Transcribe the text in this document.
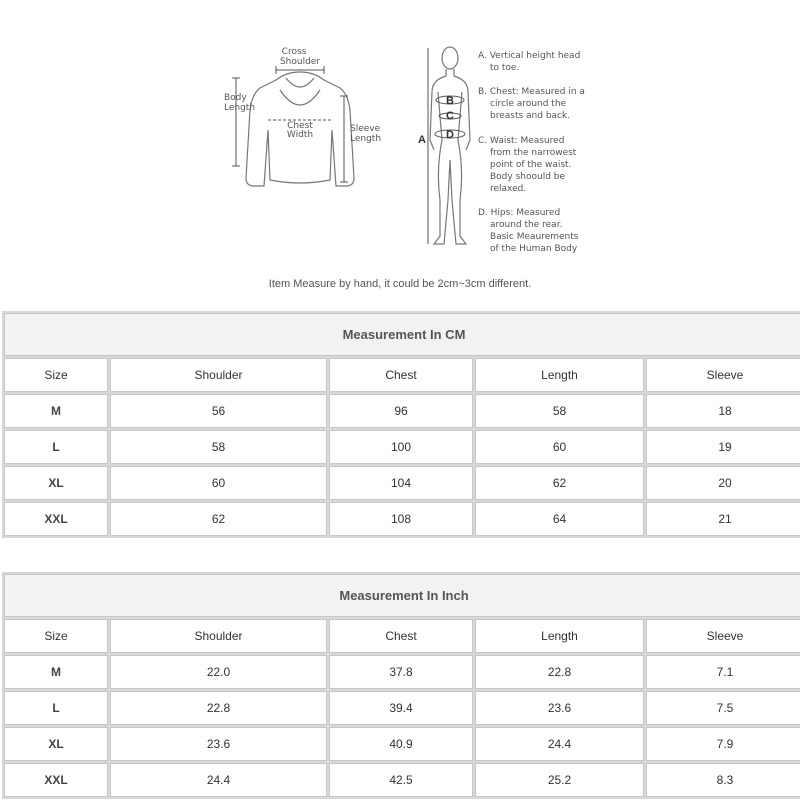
Cross
Shoulder
Body
Length
Chest
Width
Sleeve
Length	A
B
C
D
A. Vertical height head
to toe.
B. Chest: Measured in a
circle around the
breasts and back.
C. Waist: Measured
from the narrowest
point of the waist.
Body shoould be
relaxed.
D. Hips: Measured
around the rear.
Basic Meaurements
of the Human Body
Item Measure by hand, it could be 2cm~3cm different.
Measurement In CM				
Size	Shoulder	Chest	Length	Sleeve
M	56	96	58	18
L	58	100	60	19
XL	60	104	62	20
XXL	62	108	64	21
Measurement In Inch				
Size	Shoulder	Chest	Length	Sleeve
M	22.0	37.8	22.8	7.1
L	22.8	39.4	23.6	7.5
XL	23.6	40.9	24.4	7.9
XXL	24.4	42.5	25.2	8.3
